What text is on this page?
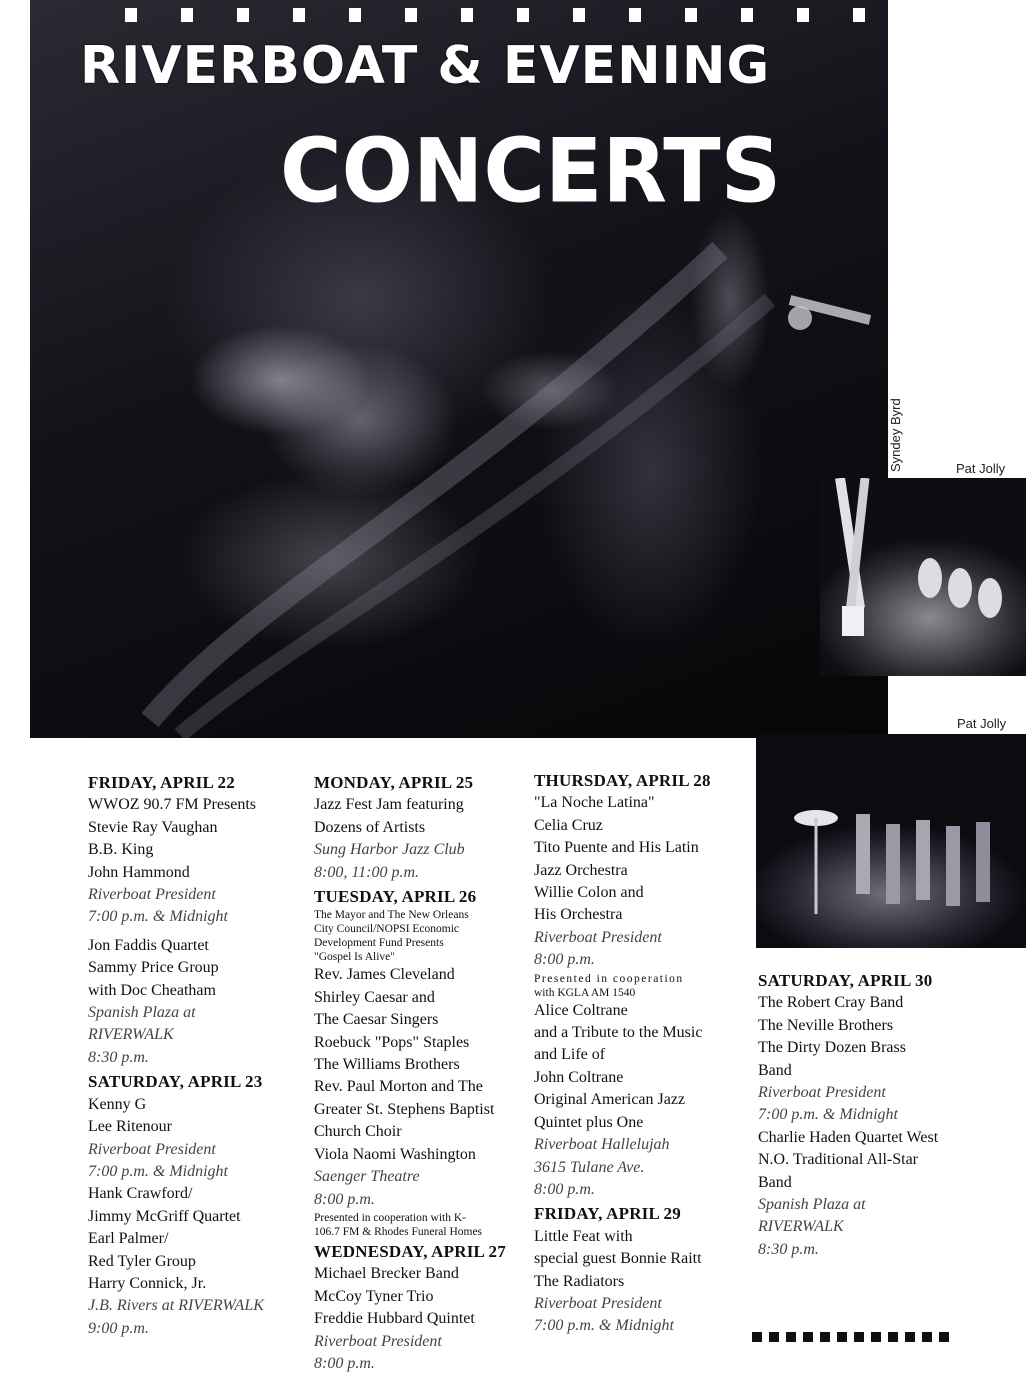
RIVERBOAT & EVENING
CONCERTS
Syndey Byrd	Pat Jolly
Pat Jolly
FRIDAY, APRIL 22
WWOZ 90.7 FM Presents
Stevie Ray Vaughan
B.B. King
John Hammond
Riverboat President
7:00 p.m. & Midnight
Jon Faddis Quartet
Sammy Price Group
with Doc Cheatham
Spanish Plaza at
RIVERWALK
8:30 p.m.
SATURDAY, APRIL 23
Kenny G
Lee Ritenour
Riverboat President
7:00 p.m. & Midnight
Hank Crawford/
Jimmy McGriff Quartet
Earl Palmer/
Red Tyler Group
Harry Connick, Jr.
J.B. Rivers at RIVERWALK
9:00 p.m.
MONDAY, APRIL 25
Jazz Fest Jam featuring
Dozens of Artists
Sung Harbor Jazz Club
8:00, 11:00 p.m.
TUESDAY, APRIL 26
The Mayor and The New Orleans
City Council/NOPSI Economic
Development Fund Presents
"Gospel Is Alive"
Rev. James Cleveland
Shirley Caesar and
The Caesar Singers
Roebuck "Pops" Staples
The Williams Brothers
Rev. Paul Morton and The
Greater St. Stephens Baptist
Church Choir
Viola Naomi Washington
Saenger Theatre
8:00 p.m.
Presented in cooperation with K-
106.7 FM & Rhodes Funeral Homes
WEDNESDAY, APRIL 27
Michael Brecker Band
McCoy Tyner Trio
Freddie Hubbard Quintet
Riverboat President
8:00 p.m.
THURSDAY, APRIL 28
"La Noche Latina"
Celia Cruz
Tito Puente and His Latin
Jazz Orchestra
Willie Colon and
His Orchestra
Riverboat President
8:00 p.m.
Presented in cooperation
with KGLA AM 1540
Alice Coltrane
and a Tribute to the Music
and Life of
John Coltrane
Original American Jazz
Quintet plus One
Riverboat Hallelujah
3615 Tulane Ave.
8:00 p.m.
FRIDAY, APRIL 29
Little Feat with
special guest Bonnie Raitt
The Radiators
Riverboat President
7:00 p.m. & Midnight
SATURDAY, APRIL 30
The Robert Cray Band
The Neville Brothers
The Dirty Dozen Brass
Band
Riverboat President
7:00 p.m. & Midnight
Charlie Haden Quartet West
N.O. Traditional All-Star
Band
Spanish Plaza at
RIVERWALK
8:30 p.m.
